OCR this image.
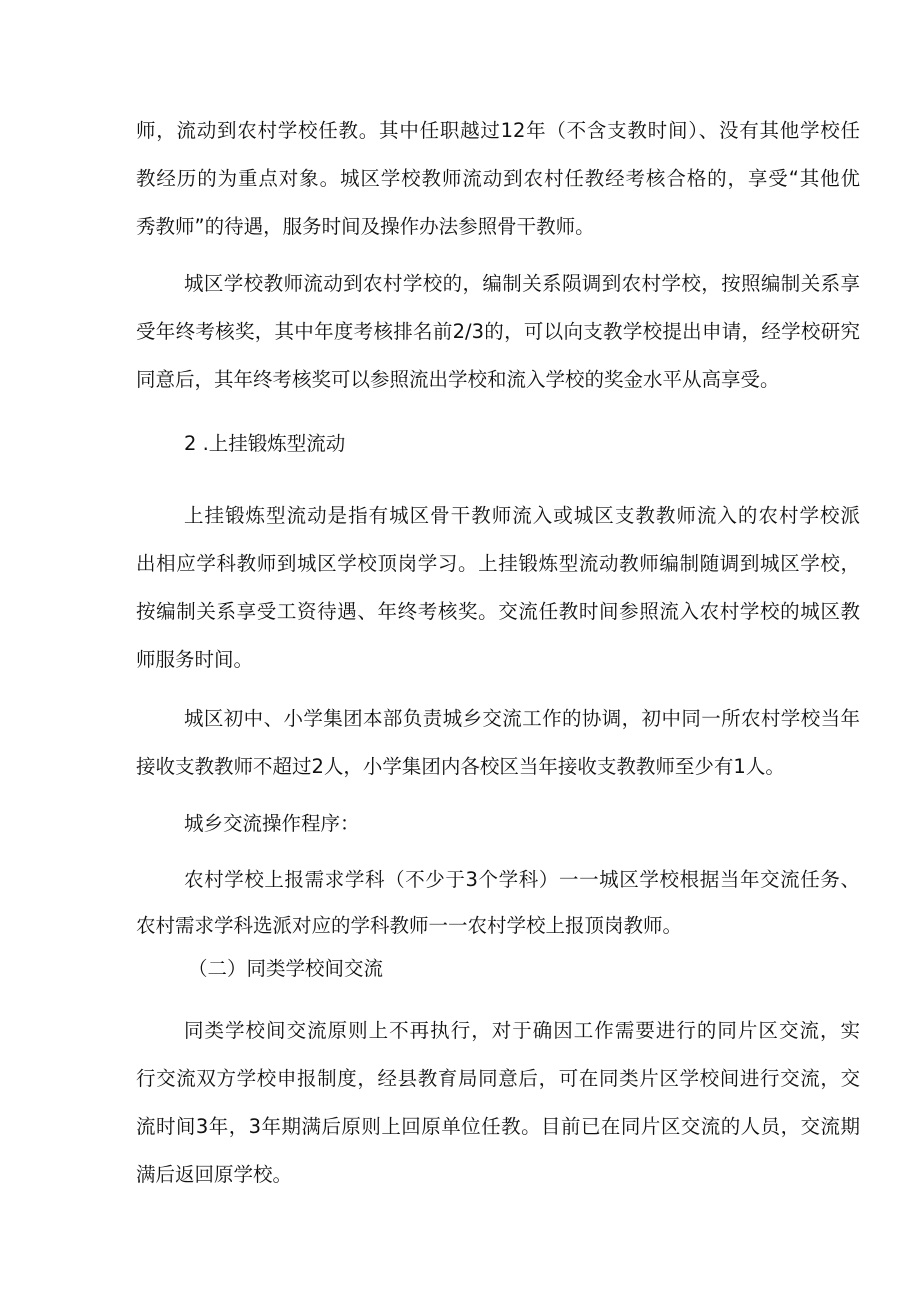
师，流动到农村学校任教。其中任职越过12年（不含支教时间）、没有其他学校任

教经历的为重点对象。城区学校教师流动到农村任教经考核合格的，享受“其他优

秀教师”的待遇，服务时间及操作办法参照骨干教师。

城区学校教师流动到农村学校的，编制关系陨调到农村学校，按照编制关系享

受年终考核奖，其中年度考核排名前2/3的，可以向支教学校提出申请，经学校研究

同意后，其年终考核奖可以参照流出学校和流入学校的奖金水平从高享受。

2 .上挂锻炼型流动

上挂锻炼型流动是指有城区骨干教师流入或城区支教教师流入的农村学校派

出相应学科教师到城区学校顶岗学习。上挂锻炼型流动教师编制随调到城区学校，

按编制关系享受工资待遇、年终考核奖。交流任教时间参照流入农村学校的城区教

师服务时间。

城区初中、小学集团本部负责城乡交流工作的协调，初中同一所农村学校当年

接收支教教师不超过2人，小学集团内各校区当年接收支教教师至少有1人。

城乡交流操作程序：

农村学校上报需求学科（不少于3个学科）一一城区学校根据当年交流任务、

农村需求学科选派对应的学科教师一一农村学校上报顶岗教师。

（二）同类学校间交流

同类学校间交流原则上不再执行，对于确因工作需要进行的同片区交流，实

行交流双方学校申报制度，经县教育局同意后，可在同类片区学校间进行交流，交

流时间3年，3年期满后原则上回原单位任教。目前已在同片区交流的人员，交流期

满后返回原学校。
